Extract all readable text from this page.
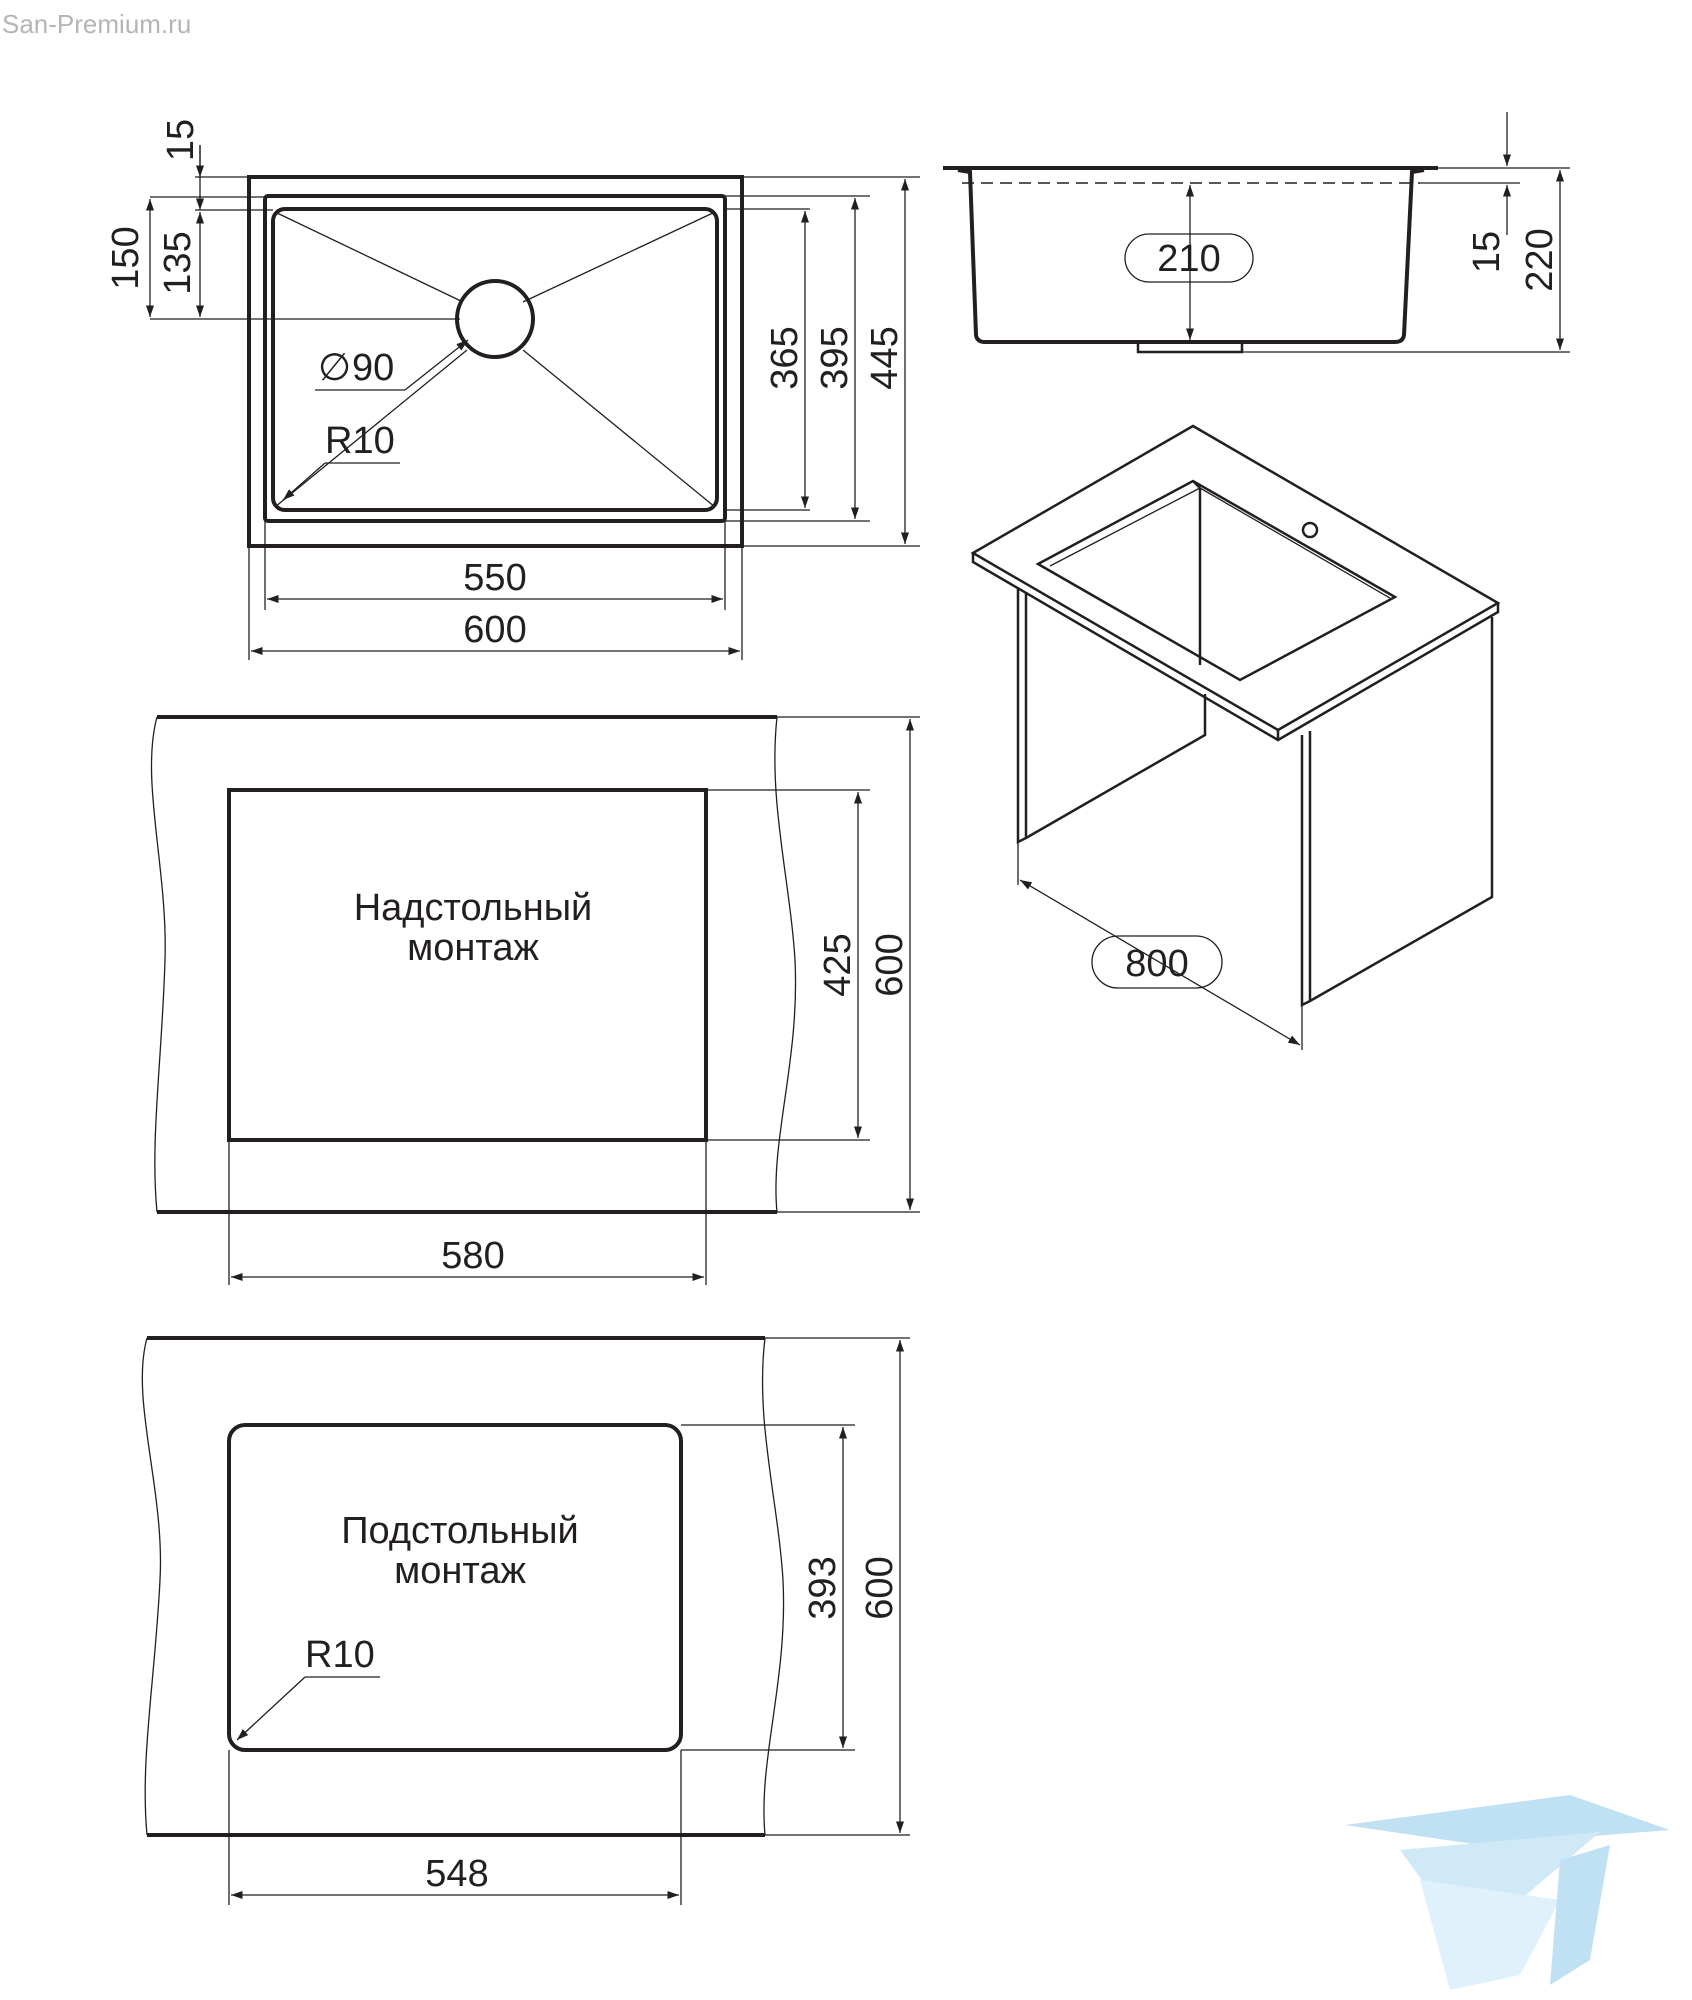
San-Premium.ru
15
150 135
∅ 90
R10
365 395 445
550
600
210	15 220
800
Надстольный
монтаж	425 600
580
Подстольный
монтаж
R10
393 600
548
